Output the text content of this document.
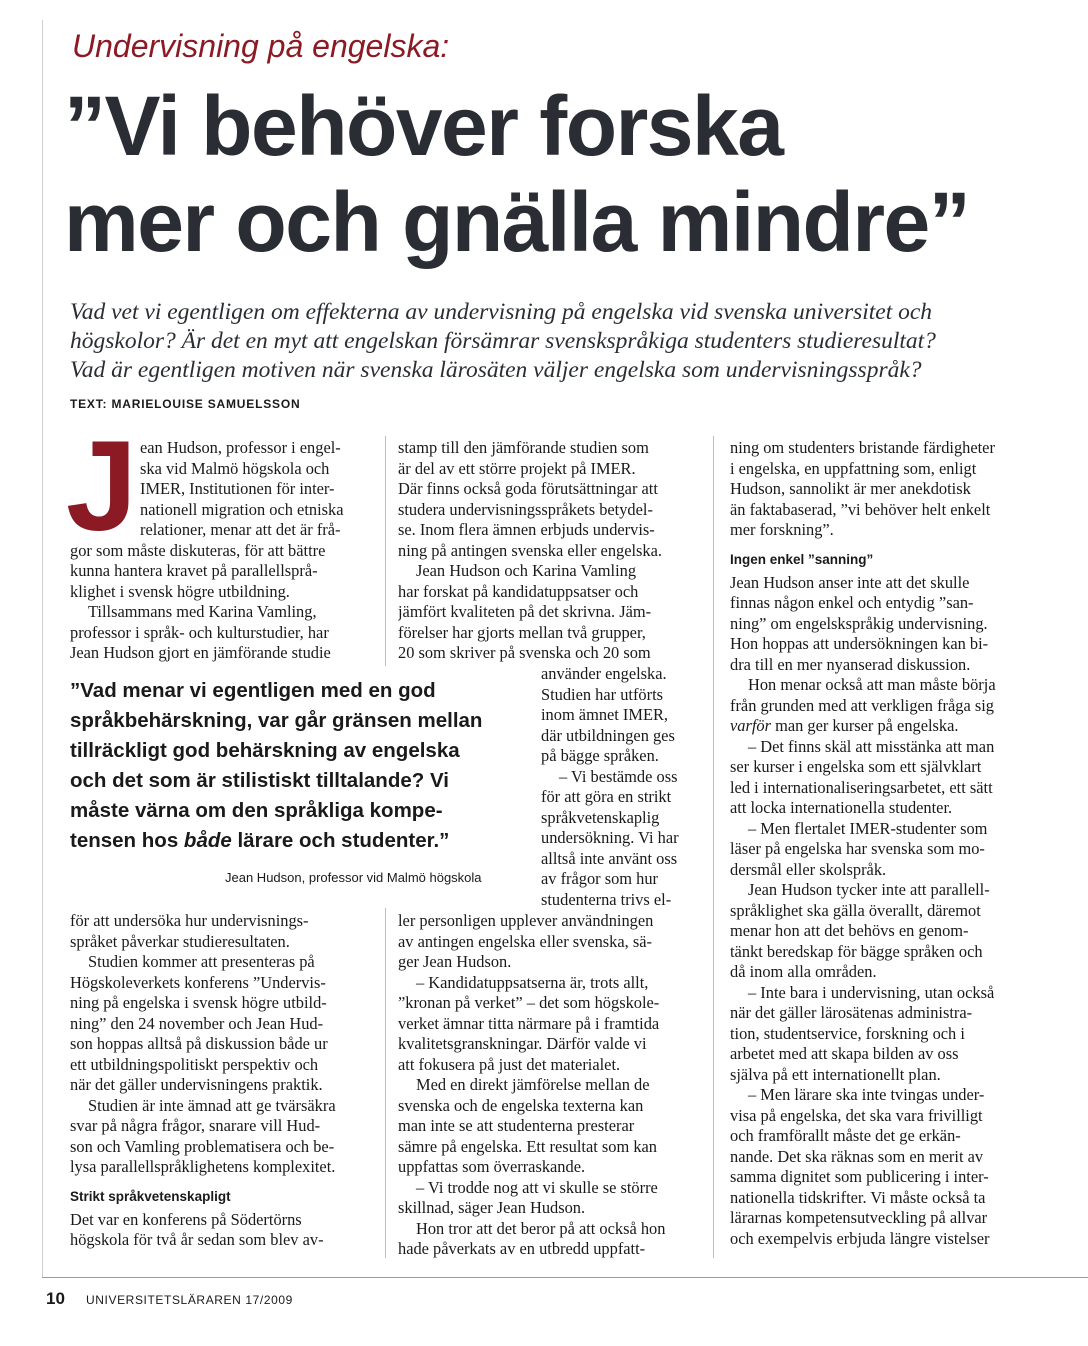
Undervisning på engelska:
”Vi behöver forska
mer och gnälla mindre”
Vad vet vi egentligen om effekterna av undervisning på engelska vid svenska universitet och
högskolor? Är det en myt att engelskan försämrar svenskspråkiga studenters studieresultat?
Vad är egentligen motiven när svenska lärosäten väljer engelska som undervisningsspråk?
TEXT: MARIELOUISE SAMUELSSON
J ean Hudson, professor i engel-
ska vid Malmö högskola och
IMER, Institutionen för inter-
nationell migration och etniska
relationer, menar att det är frå-
gor som måste diskuteras, för att bättre
kunna hantera kravet på parallellsprå-
klighet i svensk högre utbildning.
Tillsammans med Karina Vamling,
professor i språk- och kulturstudier, har
Jean Hudson gjort en jämförande studie
”Vad menar vi egentligen med en god
språkbehärskning, var går gränsen mellan
tillräckligt god behärskning av engelska
och det som är stilistiskt tilltalande? Vi
måste värna om den språkliga kompe-
tensen hos både lärare och studenter.”
Jean Hudson, professor vid Malmö högskola
för att undersöka hur undervisnings-
språket påverkar studieresultaten.
Studien kommer att presenteras på
Högskoleverkets konferens ”Undervis-
ning på engelska i svensk högre utbild-
ning” den 24 november och Jean Hud-
son hoppas alltså på diskussion både ur
ett utbildningspolitiskt perspektiv och
när det gäller undervisningens praktik.
Studien är inte ämnad att ge tvärsäkra
svar på några frågor, snarare vill Hud-
son och Vamling problematisera och be-
lysa parallellspråklighetens komplexitet.
Strikt språkvetenskapligt
Det var en konferens på Södertörns
högskola för två år sedan som blev av-
stamp till den jämförande studien som
är del av ett större projekt på IMER.
Där finns också goda förutsättningar att
studera undervisningsspråkets betydel-
se. Inom flera ämnen erbjuds undervis-
ning på antingen svenska eller engelska.
Jean Hudson och Karina Vamling
har forskat på kandidatuppsatser och
jämfört kvaliteten på det skrivna. Jäm-
förelser har gjorts mellan två grupper,
20 som skriver på svenska och 20 som
använder engelska.
Studien har utförts
inom ämnet IMER,
där utbildningen ges
på bägge språken.
– Vi bestämde oss
för att göra en strikt
språkvetenskaplig
undersökning. Vi har
alltså inte använt oss
av frågor som hur
studenterna trivs el-
ler personligen upplever användningen
av antingen engelska eller svenska, sä-
ger Jean Hudson.
– Kandidatuppsatserna är, trots allt,
”kronan på verket” – det som högskole-
verket ämnar titta närmare på i framtida
kvalitetsgranskningar. Därför valde vi
att fokusera på just det materialet.
Med en direkt jämförelse mellan de
svenska och de engelska texterna kan
man inte se att studenterna presterar
sämre på engelska. Ett resultat som kan
uppfattas som överraskande.
– Vi trodde nog att vi skulle se större
skillnad, säger Jean Hudson.
Hon tror att det beror på att också hon
hade påverkats av en utbredd uppfatt-
ning om studenters bristande färdigheter
i engelska, en uppfattning som, enligt
Hudson, sannolikt är mer anekdotisk
än faktabaserad, ”vi behöver helt enkelt
mer forskning”.
Ingen enkel ”sanning”
Jean Hudson anser inte att det skulle
finnas någon enkel och entydig ”san-
ning” om engelskspråkig undervisning.
Hon hoppas att undersökningen kan bi-
dra till en mer nyanserad diskussion.
Hon menar också att man måste börja
från grunden med att verkligen fråga sig
varför man ger kurser på engelska.
– Det finns skäl att misstänka att man
ser kurser i engelska som ett självklart
led i internationaliseringsarbetet, ett sätt
att locka internationella studenter.
– Men flertalet IMER-studenter som
läser på engelska har svenska som mo-
dersmål eller skolspråk.
Jean Hudson tycker inte att parallell-
språklighet ska gälla överallt, däremot
menar hon att det behövs en genom-
tänkt beredskap för bägge språken och
då inom alla områden.
– Inte bara i undervisning, utan också
när det gäller lärosätenas administra-
tion, studentservice, forskning och i
arbetet med att skapa bilden av oss
själva på ett internationellt plan.
– Men lärare ska inte tvingas under-
visa på engelska, det ska vara frivilligt
och framförallt måste det ge erkän-
nande. Det ska räknas som en merit av
samma dignitet som publicering i inter-
nationella tidskrifter. Vi måste också ta
lärarnas kompetensutveckling på allvar
och exempelvis erbjuda längre vistelser
10 UNIVERSITETSLÄRAREN 17/2009
